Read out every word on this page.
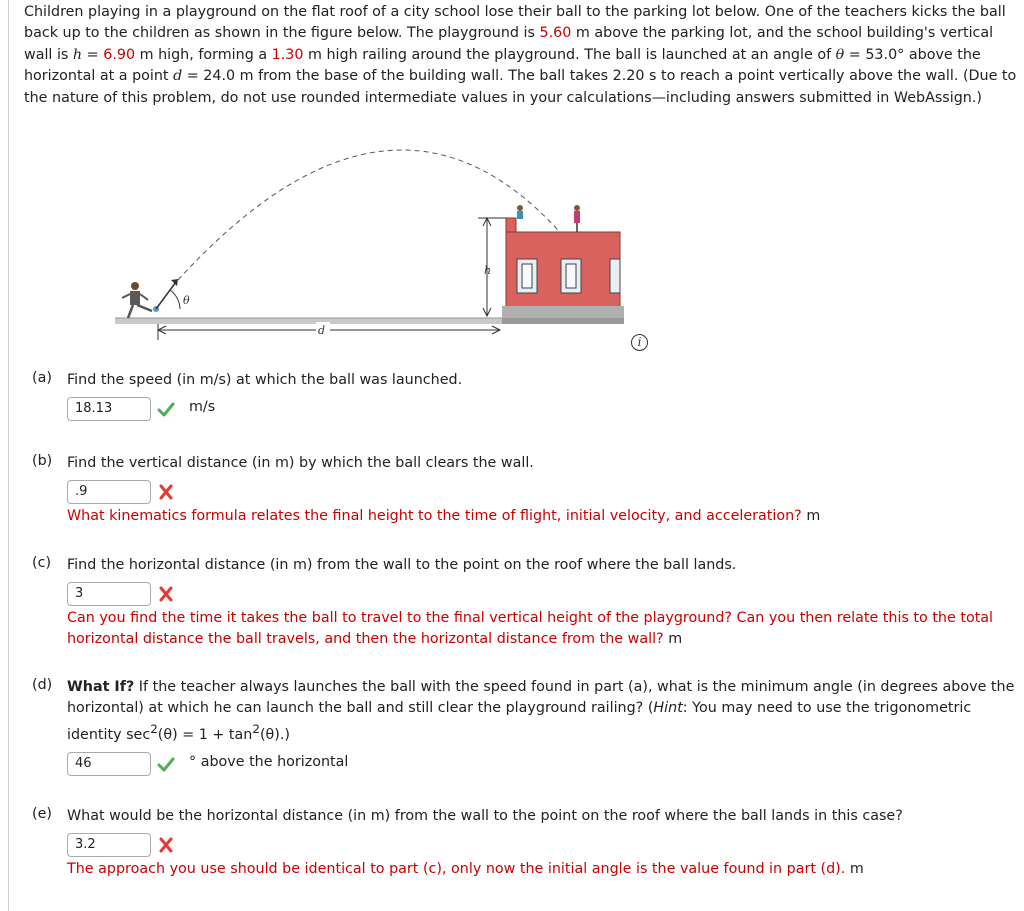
Children playing in a playground on the flat roof of a city school lose their ball to the parking lot below. One of the teachers kicks the ball back up to the children as shown in the figure below. The playground is 5.60 m above the parking lot, and the school building's vertical wall is h = 6.90 m high, forming a 1.30 m high railing around the playground. The ball is launched at an angle of θ = 53.0° above the horizontal at a point d = 24.0 m from the base of the building wall. The ball takes 2.20 s to reach a point vertically above the wall. (Due to the nature of this problem, do not use rounded intermediate values in your calculations—including answers submitted in WebAssign.)

h
d
θ
i
(a) Find the speed (in m/s) at which the ball was launched.
18.13	m/s
(b) Find the vertical distance (in m) by which the ball clears the wall.
.9
What kinematics formula relates the final height to the time of flight, initial velocity, and acceleration? m
(c) Find the horizontal distance (in m) from the wall to the point on the roof where the ball lands.
3
Can you find the time it takes the ball to travel to the final vertical height of the playground? Can you then relate this to the total horizontal distance the ball travels, and then the horizontal distance from the wall? m
(d) What If? If the teacher always launches the ball with the speed found in part (a), what is the minimum angle (in degrees above the horizontal) at which he can launch the ball and still clear the playground railing? (Hint: You may need to use the trigonometric identity $\sec^2(\theta) = 1 + \tan^2(\theta)$.)
46	° above the horizontal
(e) What would be the horizontal distance (in m) from the wall to the point on the roof where the ball lands in this case?
3.2
The approach you use should be identical to part (c), only now the initial angle is the value found in part (d). m
